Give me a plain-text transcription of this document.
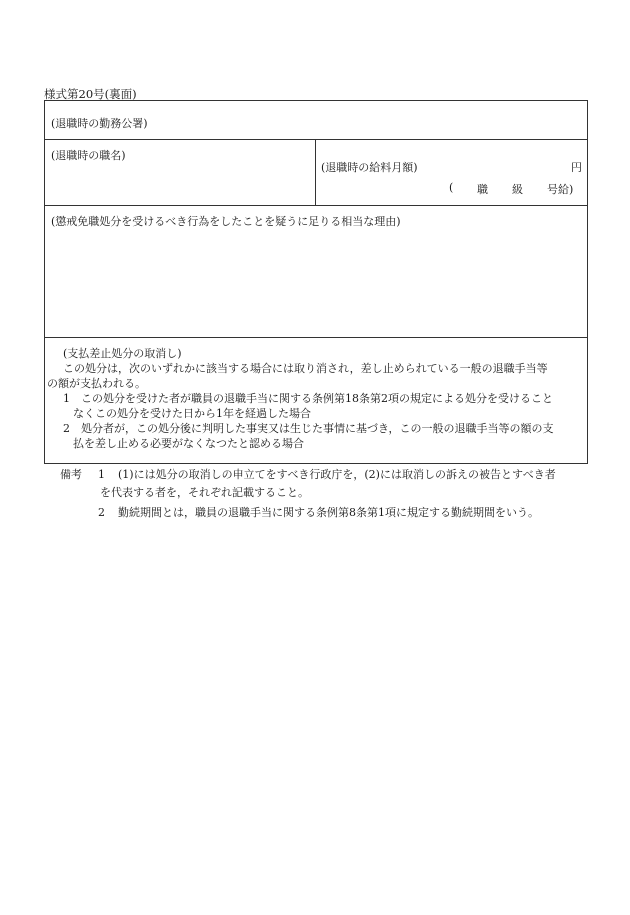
様式第20号(裏面)
(退職時の勤務公署)
(退職時の職名)
(退職時の給料月額)	円
( 職 級 号給)
(懲戒免職処分を受けるべき行為をしたことを疑うに足りる相当な理由)
(支払差止処分の取消し)
この処分は，次のいずれかに該当する場合には取り消され，差し止められている一般の退職手当等
の額が支払われる。
1　この処分を受けた者が職員の退職手当に関する条例第18条第2項の規定による処分を受けること
なくこの処分を受けた日から1年を経過した場合
2　処分者が，この処分後に判明した事実又は生じた事情に基づき，この一般の退職手当等の額の支
払を差し止める必要がなくなつたと認める場合
備考 1 (1)には処分の取消しの申立てをすべき行政庁を，(2)には取消しの訴えの被告とすべき者
を代表する者を，それぞれ記載すること。
2 勤続期間とは，職員の退職手当に関する条例第8条第1項に規定する勤続期間をいう。
